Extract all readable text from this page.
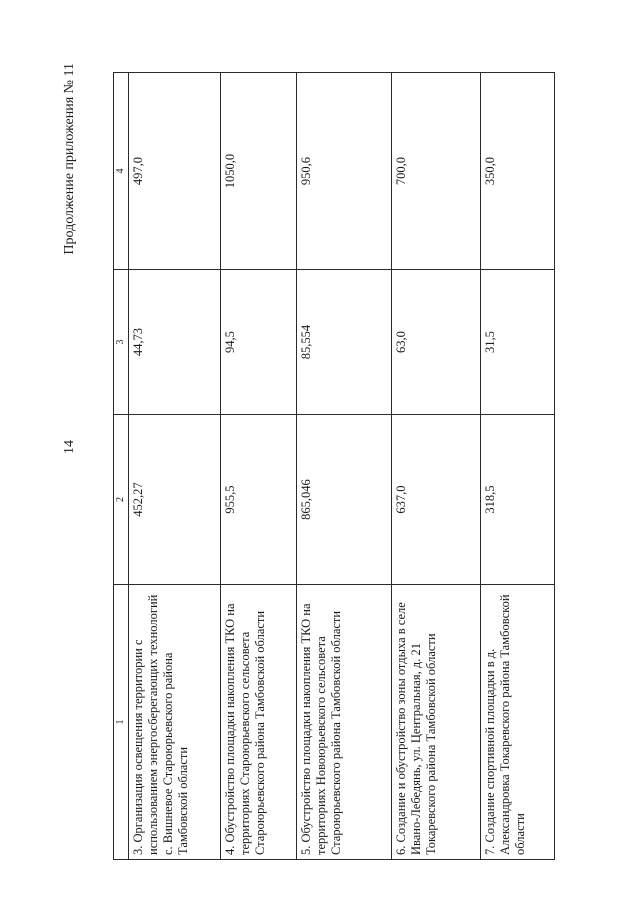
14

Продолжение приложения № 11

1	2	3	4
3. Организация освещения территории с использованием энергосберегающих технологий с. Вишневое Староюрьевского района Тамбовской области	452,27	44,73	497,0
4. Обустройство площадки накопления ТКО на территориях Староюрьевского сельсовета Староюрьевского района Тамбовской области	955,5	94,5	1050,0
5. Обустройство площадки накопления ТКО на территориях Новоюрьевского сельсовета Староюрьевского района Тамбовской области	865,046	85,554	950,6
6. Создание и обустройство зоны отдыха в селе Ивано-Лебедянь, ул. Центральная, д. 21 Токаревского района Тамбовской области	637,0	63,0	700,0
7. Создание спортивной площадки в д. Александровка Токаревского района Тамбовской области	318,5	31,5	350,0
